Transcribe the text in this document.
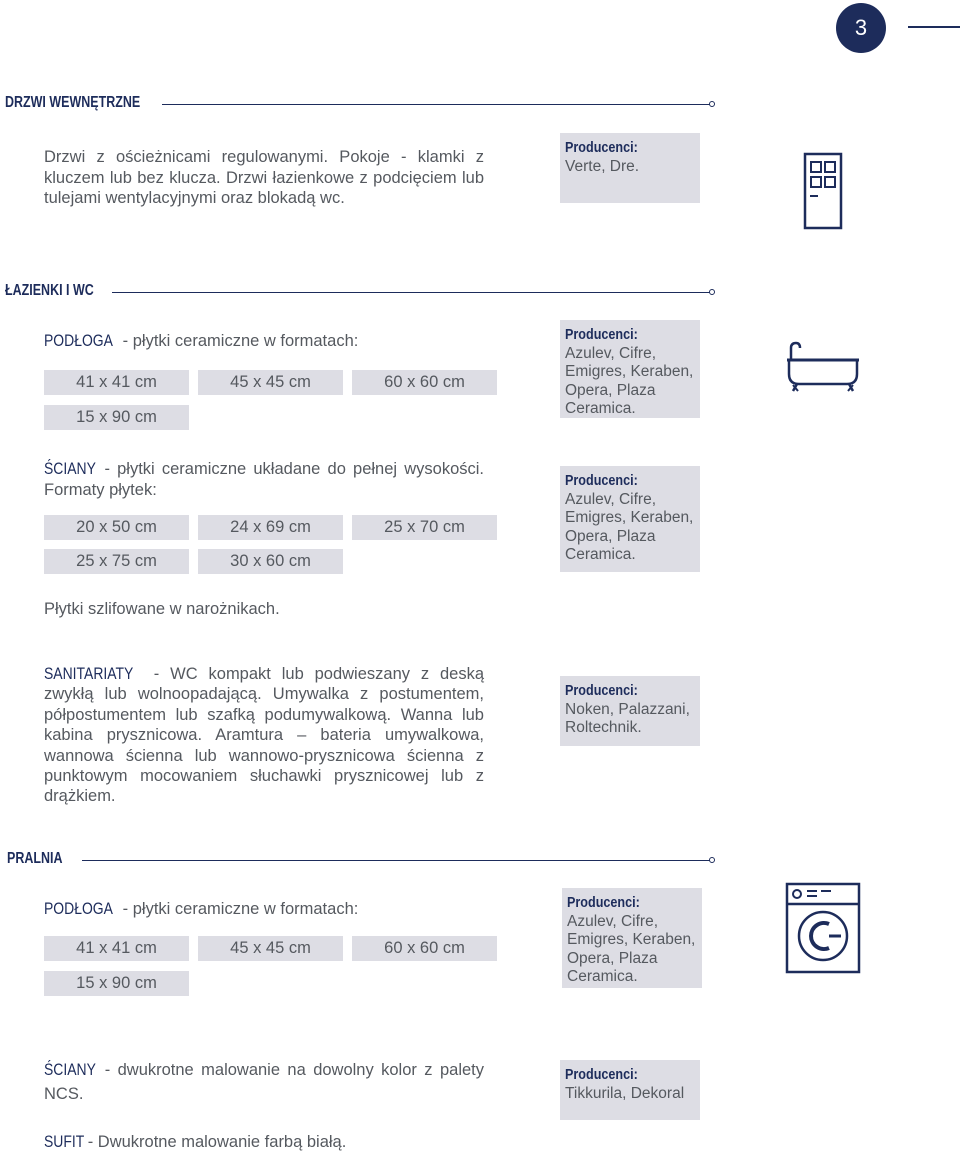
3
DRZWI WEWNĘTRZNE
Drzwi z ościeżnicami regulowanymi. Pokoje - klamki z kluczem lub bez klucza. Drzwi łazienkowe z podcięciem lub tulejami wentylacyjnymi oraz blokadą wc.
Producenci:
Verte, Dre.
ŁAZIENKI I WC
PODŁOGA - płytki ceramiczne w formatach:
41 x 41 cm	45 x 45 cm	60 x 60 cm
15 x 90 cm
Producenci:
Azulev, Cifre, Emigres, Keraben, Opera, Plaza Ceramica.
ŚCIANY - płytki ceramiczne układane do pełnej wysokości. Formaty płytek:
20 x 50 cm	24 x 69 cm	25 x 70 cm
25 x 75 cm	30 x 60 cm
Producenci:
Azulev, Cifre, Emigres, Keraben, Opera, Plaza Ceramica.
Płytki szlifowane w narożnikach.
SANITARIATY - WC kompakt lub podwieszany z deską zwykłą lub wolnoopadającą. Umywalka z postumentem, półpostumentem lub szafką podumywalkową. Wanna lub kabina prysznicowa. Aramtura – bateria umywalkowa, wannowa ścienna lub wannowo-prysznicowa ścienna z punktowym mocowaniem słuchawki prysznicowej lub z drążkiem.
Producenci:
Noken, Palazzani, Roltechnik.
PRALNIA
PODŁOGA - płytki ceramiczne w formatach:
41 x 41 cm	45 x 45 cm	60 x 60 cm
15 x 90 cm
Producenci:
Azulev, Cifre, Emigres, Keraben, Opera, Plaza Ceramica.
ŚCIANY - dwukrotne malowanie na dowolny kolor z palety NCS.
Producenci:
Tikkurila, Dekoral
SUFIT - Dwukrotne malowanie farbą białą.
